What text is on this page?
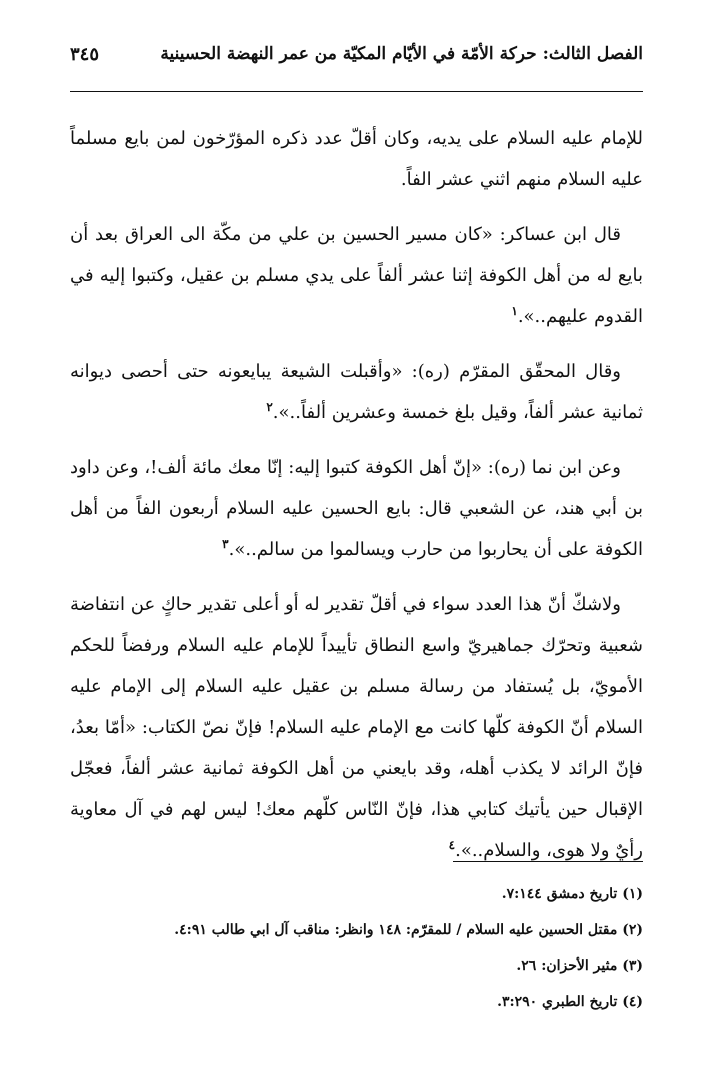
الفصل الثالث: حركة الأمّة في الأيّام المكيّة من عمر النهضة الحسينية
٣٤٥

للإمام عليه السلام على يديه، وكان أقلّ عدد ذكره المؤرّخون لمن بايع مسلماً عليه السلام منهم اثني عشر الفاً.

قال ابن عساكر: «كان مسير الحسين بن علي من مكّة الى العراق بعد أن بايع له من أهل الكوفة إثنا عشر ألفاً على يدي مسلم بن عقيل، وكتبوا إليه في القدوم عليهم..».$^١$

وقال المحقّق المقرّم (ره): «وأقبلت الشيعة يبايعونه حتى أحصى ديوانه ثمانية عشر ألفاً، وقيل بلغ خمسة وعشرين ألفاً..».$^٢$

وعن ابن نما (ره): «إنّ أهل الكوفة كتبوا إليه: إنّا معك مائة ألف!، وعن داود بن أبي هند، عن الشعبي قال: بايع الحسين عليه السلام أربعون الفاً من أهل الكوفة على أن يحاربوا من حارب ويسالموا من سالم..».$^٣$

ولاشكّ أنّ هذا العدد سواء في أقلّ تقدير له أو أعلى تقدير حاكٍ عن انتفاضة شعبية وتحرّك جماهيريّ واسع النطاق تأييداً للإمام عليه السلام ورفضاً للحكم الأمويّ، بل يُستفاد من رسالة مسلم بن عقيل عليه السلام إلى الإمام عليه السلام أنّ الكوفة كلّها كانت مع الإمام عليه السلام! فإنّ نصّ الكتاب: «أمّا بعدُ، فإنّ الرائد لا يكذب أهله، وقد بايعني من أهل الكوفة ثمانية عشر ألفاً، فعجّل الإقبال حين يأتيك كتابي هذا، فإنّ النّاس كلّهم معك! ليس لهم في آل معاوية رأيٌ ولا هوى، والسلام..».$^٤$

(١) تاريخ دمشق ٧:١٤٤.

(٢) مقتل الحسين عليه السلام / للمقرّم: ١٤٨ وانظر: مناقب آل ابي طالب ٤:٩١.

(٣) مثير الأحزان: ٢٦.

(٤) تاريخ الطبري ٣:٢٩٠.
